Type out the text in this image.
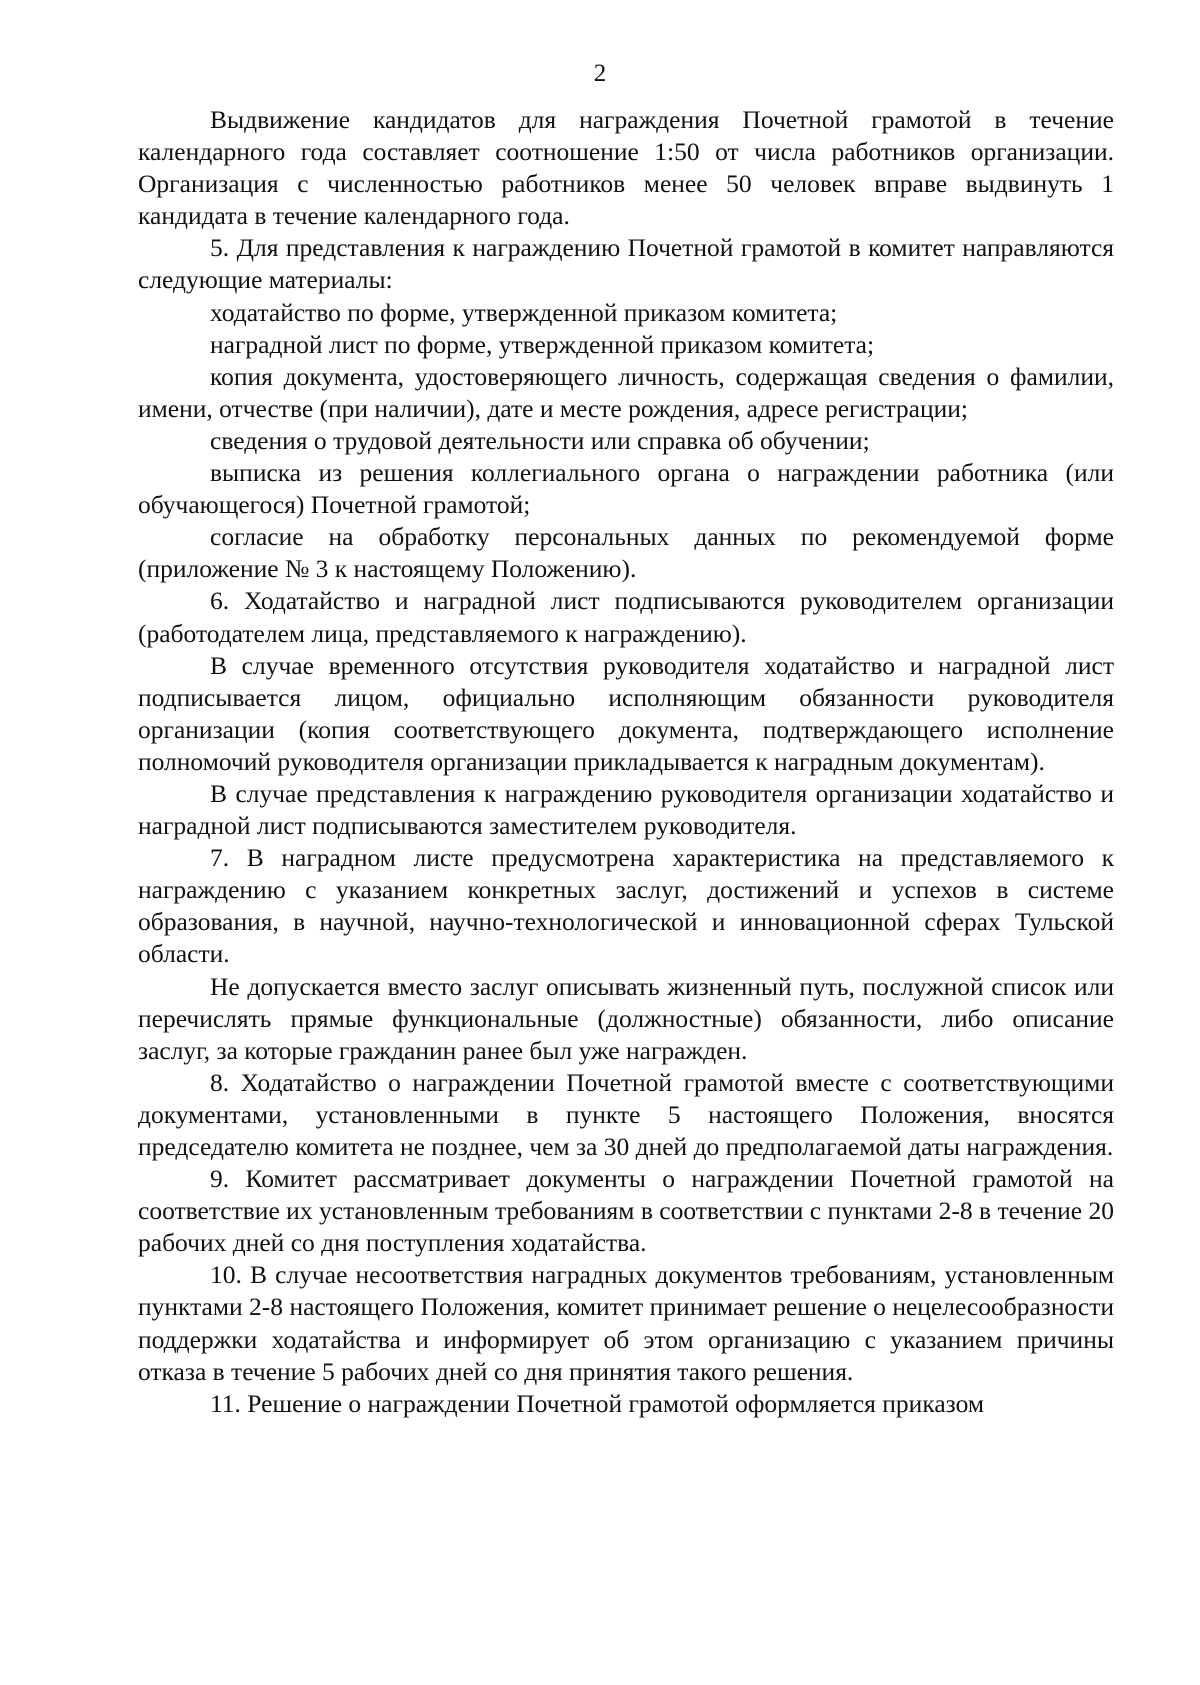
2

Выдвижение кандидатов для награждения Почетной грамотой в течение календарного года составляет соотношение 1:50 от числа работников организации. Организация с численностью работников менее 50 человек вправе выдвинуть 1 кандидата в течение календарного года.

5. Для представления к награждению Почетной грамотой в комитет направляются следующие материалы:

ходатайство по форме, утвержденной приказом комитета;

наградной лист по форме, утвержденной приказом комитета;

копия документа, удостоверяющего личность, содержащая сведения о фамилии, имени, отчестве (при наличии), дате и месте рождения, адресе регистрации;

сведения о трудовой деятельности или справка об обучении;

выписка из решения коллегиального органа о награждении работника (или обучающегося) Почетной грамотой;

согласие на обработку персональных данных по рекомендуемой форме (приложение № 3 к настоящему Положению).

6. Ходатайство и наградной лист подписываются руководителем организации (работодателем лица, представляемого к награждению).

В случае временного отсутствия руководителя ходатайство и наградной лист подписывается лицом, официально исполняющим обязанности руководителя организации (копия соответствующего документа, подтверждающего исполнение полномочий руководителя организации прикладывается к наградным документам).

В случае представления к награждению руководителя организации ходатайство и наградной лист подписываются заместителем руководителя.

7. В наградном листе предусмотрена характеристика на представляемого к награждению с указанием конкретных заслуг, достижений и успехов в системе образования, в научной, научно-технологической и инновационной сферах Тульской области.

Не допускается вместо заслуг описывать жизненный путь, послужной список или перечислять прямые функциональные (должностные) обязанности, либо описание заслуг, за которые гражданин ранее был уже награжден.

8. Ходатайство о награждении Почетной грамотой вместе с соответствующими документами, установленными в пункте 5 настоящего Положения, вносятся председателю комитета не позднее, чем за 30 дней до предполагаемой даты награждения.

9. Комитет рассматривает документы о награждении Почетной грамотой на соответствие их установленным требованиям в соответствии с пунктами 2-8 в течение 20 рабочих дней со дня поступления ходатайства.

10. В случае несоответствия наградных документов требованиям, установленным пунктами 2-8 настоящего Положения, комитет принимает решение о нецелесообразности поддержки ходатайства и информирует об этом организацию с указанием причины отказа в течение 5 рабочих дней со дня принятия такого решения.

11. Решение о награждении Почетной грамотой оформляется приказом
